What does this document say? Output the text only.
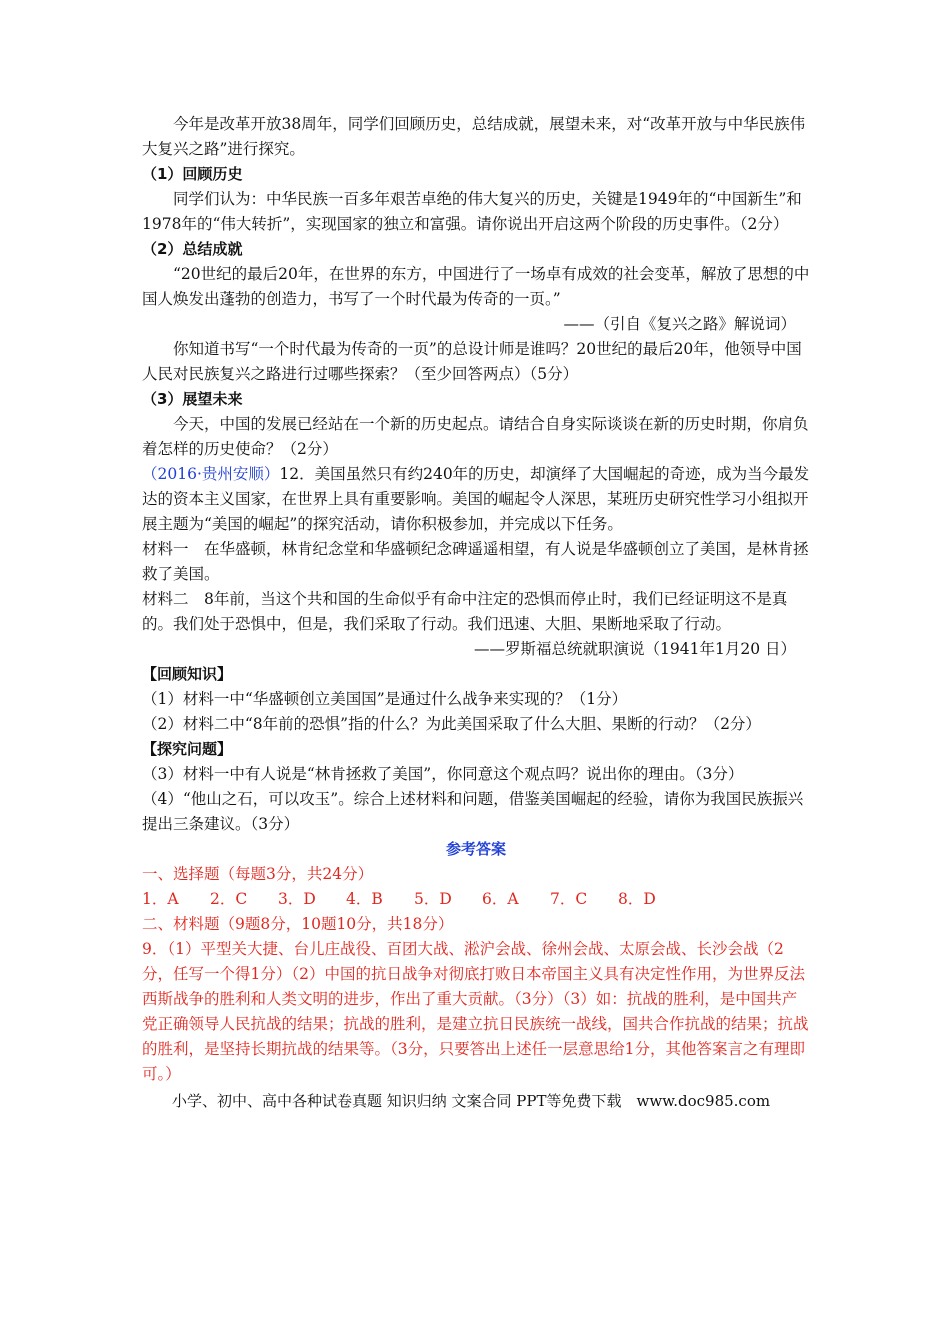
今年是改革开放38周年，同学们回顾历史，总结成就，展望未来，对“改革开放与中华民族伟大复兴之路”进行探究。

（1）回顾历史

同学们认为：中华民族一百多年艰苦卓绝的伟大复兴的历史，关键是1949年的“中国新生”和1978年的“伟大转折”，实现国家的独立和富强。请你说出开启这两个阶段的历史事件。（2分）

（2）总结成就

“20世纪的最后20年，在世界的东方，中国进行了一场卓有成效的社会变革，解放了思想的中国人焕发出蓬勃的创造力，书写了一个时代最为传奇的一页。”

——（引自《复兴之路》解说词）

你知道书写“一个时代最为传奇的一页”的总设计师是谁吗？20世纪的最后20年，他领导中国人民对民族复兴之路进行过哪些探索？（至少回答两点）（5分）

（3）展望未来

今天，中国的发展已经站在一个新的历史起点。请结合自身实际谈谈在新的历史时期，你肩负着怎样的历史使命？（2分）

（2016·贵州安顺）12．美国虽然只有约240年的历史，却演绎了大国崛起的奇迹，成为当今最发达的资本主义国家，在世界上具有重要影响。美国的崛起令人深思，某班历史研究性学习小组拟开展主题为“美国的崛起”的探究活动，请你积极参加，并完成以下任务。

材料一　在华盛顿，林肯纪念堂和华盛顿纪念碑遥遥相望，有人说是华盛顿创立了美国，是林肯拯救了美国。

材料二　8年前，当这个共和国的生命似乎有命中注定的恐惧而停止时，我们已经证明这不是真的。我们处于恐惧中，但是，我们采取了行动。我们迅速、大胆、果断地采取了行动。

——罗斯福总统就职演说（1941年1月20 日）

【回顾知识】

（1）材料一中“华盛顿创立美国国”是通过什么战争来实现的？（1分）

（2）材料二中“8年前的恐惧”指的什么？为此美国采取了什么大胆、果断的行动？（2分）

【探究问题】

（3）材料一中有人说是“林肯拯救了美国”，你同意这个观点吗？说出你的理由。（3分）

（4）“他山之石，可以攻玉”。综合上述材料和问题，借鉴美国崛起的经验，请你为我国民族振兴提出三条建议。（3分）

参考答案

一、选择题（每题3分，共24分）

1．A 2．C 3．D 4．B 5．D 6．A 7．C 8．D

二、材料题（9题8分，10题10分，共18分）

9．（1）平型关大捷、台儿庄战役、百团大战、淞沪会战、徐州会战、太原会战、长沙会战（2分，任写一个得1分）（2）中国的抗日战争对彻底打败日本帝国主义具有决定性作用，为世界反法西斯战争的胜利和人类文明的进步，作出了重大贡献。（3分）（3）如：抗战的胜利，是中国共产党正确领导人民抗战的结果；抗战的胜利，是建立抗日民族统一战线，国共合作抗战的结果；抗战的胜利，是坚持长期抗战的结果等。（3分，只要答出上述任一层意思给1分，其他答案言之有理即可。）

小学、初中、高中各种试卷真题 知识归纳 文案合同 PPT等免费下载　www.doc985.com
